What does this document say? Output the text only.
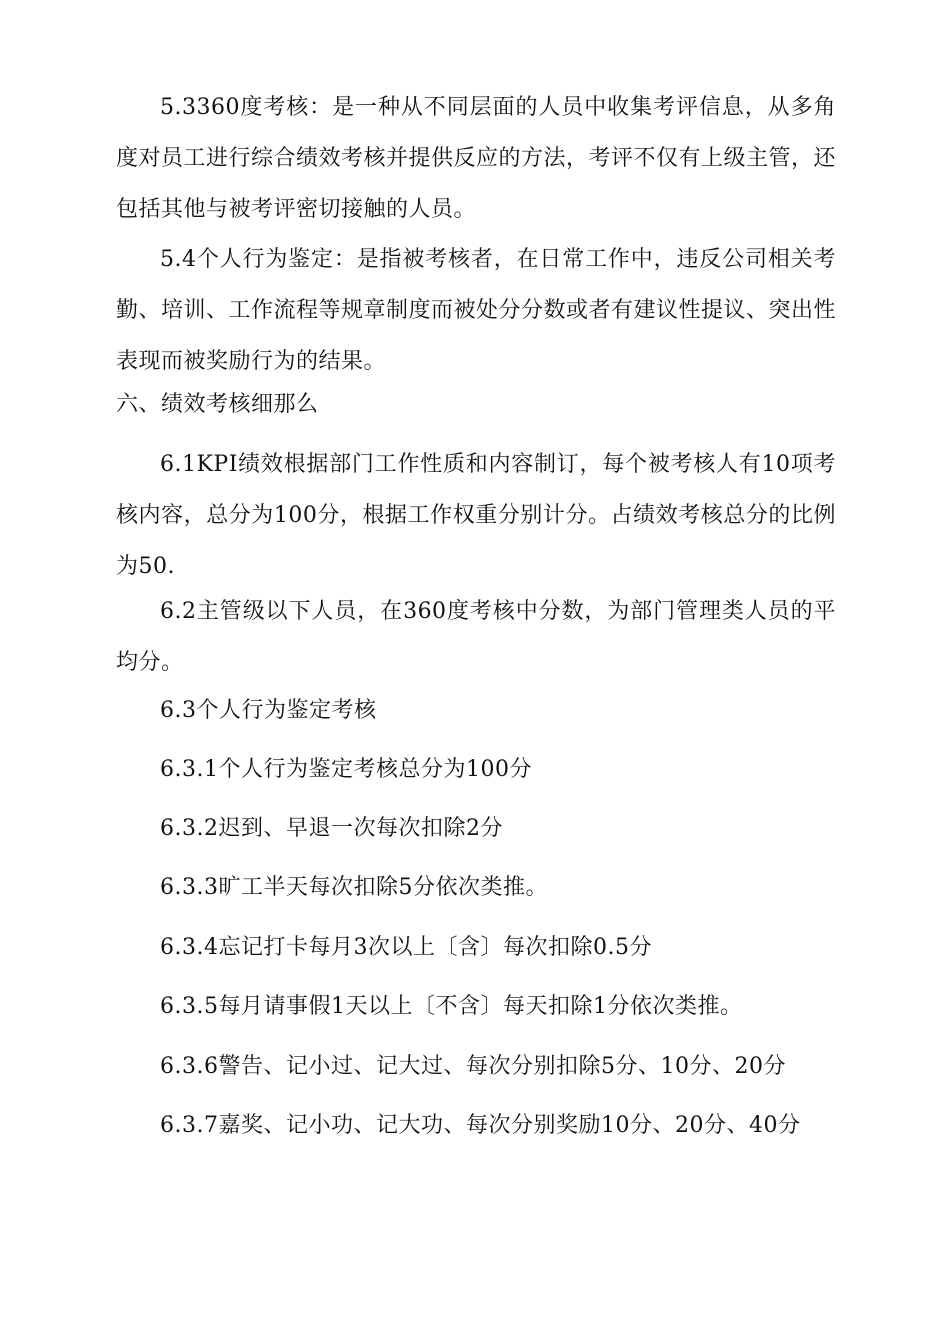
5.3360度考核：是一种从不同层面的人员中收集考评信息，从多角度对员工进行综合绩效考核并提供反应的方法，考评不仅有上级主管，还包括其他与被考评密切接触的人员。

5.4个人行为鉴定：是指被考核者，在日常工作中，违反公司相关考勤、培训、工作流程等规章制度而被处分分数或者有建议性提议、突出性表现而被奖励行为的结果。

六、绩效考核细那么

6.1KPI绩效根据部门工作性质和内容制订，每个被考核人有10项考核内容，总分为100分，根据工作权重分别计分。占绩效考核总分的比例为50.

6.2主管级以下人员，在360度考核中分数，为部门管理类人员的平均分。

6.3个人行为鉴定考核

6.3.1个人行为鉴定考核总分为100分

6.3.2迟到、早退一次每次扣除2分

6.3.3旷工半天每次扣除5分依次类推。

6.3.4忘记打卡每月3次以上〔含〕每次扣除0.5分

6.3.5每月请事假1天以上〔不含〕每天扣除1分依次类推。

6.3.6警告、记小过、记大过、每次分别扣除5分、10分、20分

6.3.7嘉奖、记小功、记大功、每次分别奖励10分、20分、40分
